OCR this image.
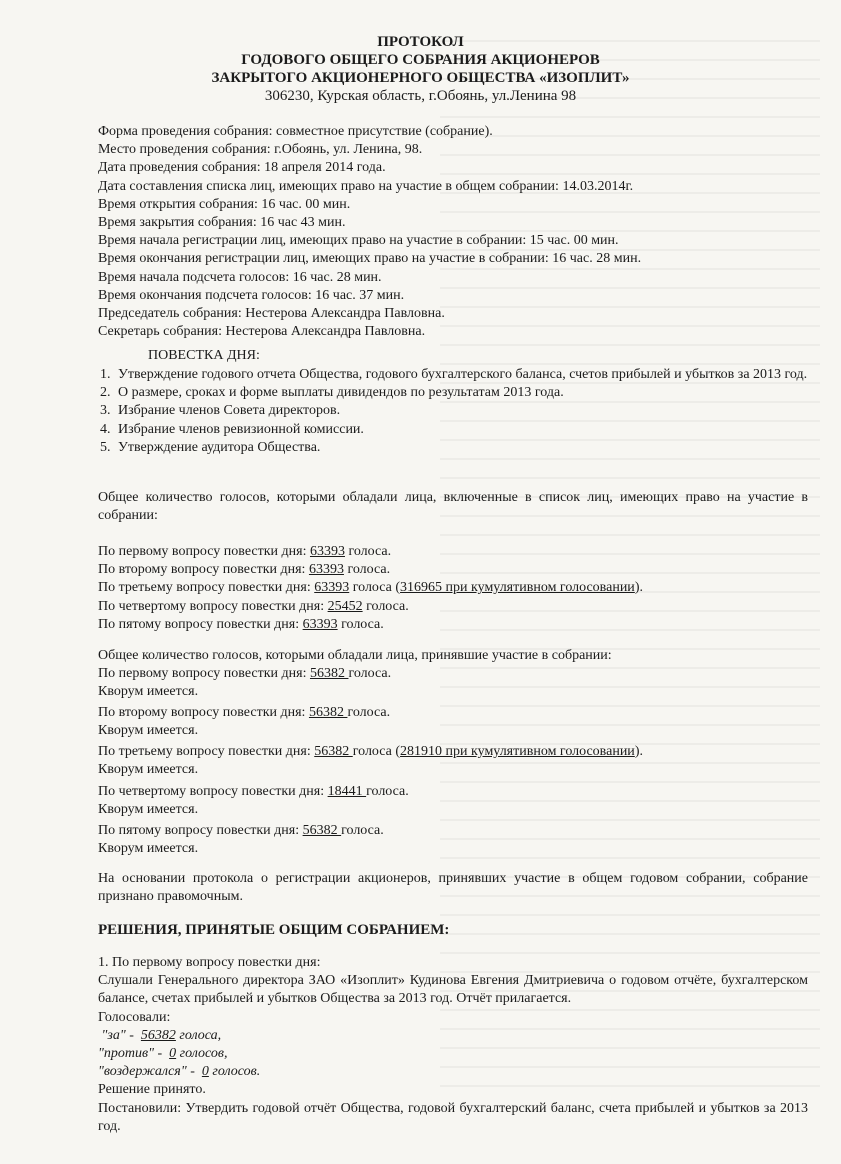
ПРОТОКОЛ
ГОДОВОГО ОБЩЕГО СОБРАНИЯ АКЦИОНЕРОВ
ЗАКРЫТОГО АКЦИОНЕРНОГО ОБЩЕСТВА «ИЗОПЛИТ»
306230, Курская область, г.Обоянь, ул.Ленина 98
Форма проведения собрания: совместное присутствие (собрание).
Место проведения собрания: г.Обоянь, ул. Ленина, 98.
Дата проведения собрания: 18 апреля 2014 года.
Дата составления списка лиц, имеющих право на участие в общем собрании: 14.03.2014г.
Время открытия собрания: 16 час. 00 мин.
Время закрытия собрания: 16 час 43 мин.
Время начала регистрации лиц, имеющих право на участие в собрании: 15 час. 00 мин.
Время окончания регистрации лиц, имеющих право на участие в собрании: 16 час. 28 мин.
Время начала подсчета голосов: 16 час. 28 мин.
Время окончания подсчета голосов: 16 час. 37 мин.
Председатель собрания: Нестерова Александра Павловна.
Секретарь собрания: Нестерова Александра Павловна.
ПОВЕСТКА ДНЯ:
1. Утверждение годового отчета Общества, годового бухгалтерского баланса, счетов прибылей и убытков за 2013 год.
2. О размере, сроках и форме выплаты дивидендов по результатам 2013 года.
3. Избрание членов Совета директоров.
4. Избрание членов ревизионной комиссии.
5. Утверждение аудитора Общества.
Общее количество голосов, которыми обладали лица, включенные в список лиц, имеющих право на участие в собрании:
По первому вопросу повестки дня: 63393 голоса.
По второму вопросу повестки дня: 63393 голоса.
По третьему вопросу повестки дня: 63393 голоса (316965 при кумулятивном голосовании).
По четвертому вопросу повестки дня: 25452 голоса.
По пятому вопросу повестки дня: 63393 голоса.
Общее количество голосов, которыми обладали лица, принявшие участие в собрании:
По первому вопросу повестки дня: 56382 голоса.
Кворум имеется.
По второму вопросу повестки дня: 56382 голоса.
Кворум имеется.
По третьему вопросу повестки дня: 56382 голоса (281910 при кумулятивном голосовании).
Кворум имеется.
По четвертому вопросу повестки дня: 18441 голоса.
Кворум имеется.
По пятому вопросу повестки дня: 56382 голоса.
Кворум имеется.
На основании протокола о регистрации акционеров, принявших участие в общем годовом собрании, собрание признано правомочным.
РЕШЕНИЯ, ПРИНЯТЫЕ ОБЩИМ СОБРАНИЕМ:
1. По первому вопросу повестки дня:
Слушали Генерального директора ЗАО «Изоплит» Кудинова Евгения Дмитриевича о годовом отчёте, бухгалтерском балансе, счетах прибылей и убытков Общества за 2013 год. Отчёт прилагается.
Голосовали:
"за" -  56382 голоса,
"против" -  0 голосов,
"воздержался" -  0 голосов.
Решение принято.
Постановили: Утвердить годовой отчёт Общества, годовой бухгалтерский баланс, счета прибылей и убытков за 2013 год.
